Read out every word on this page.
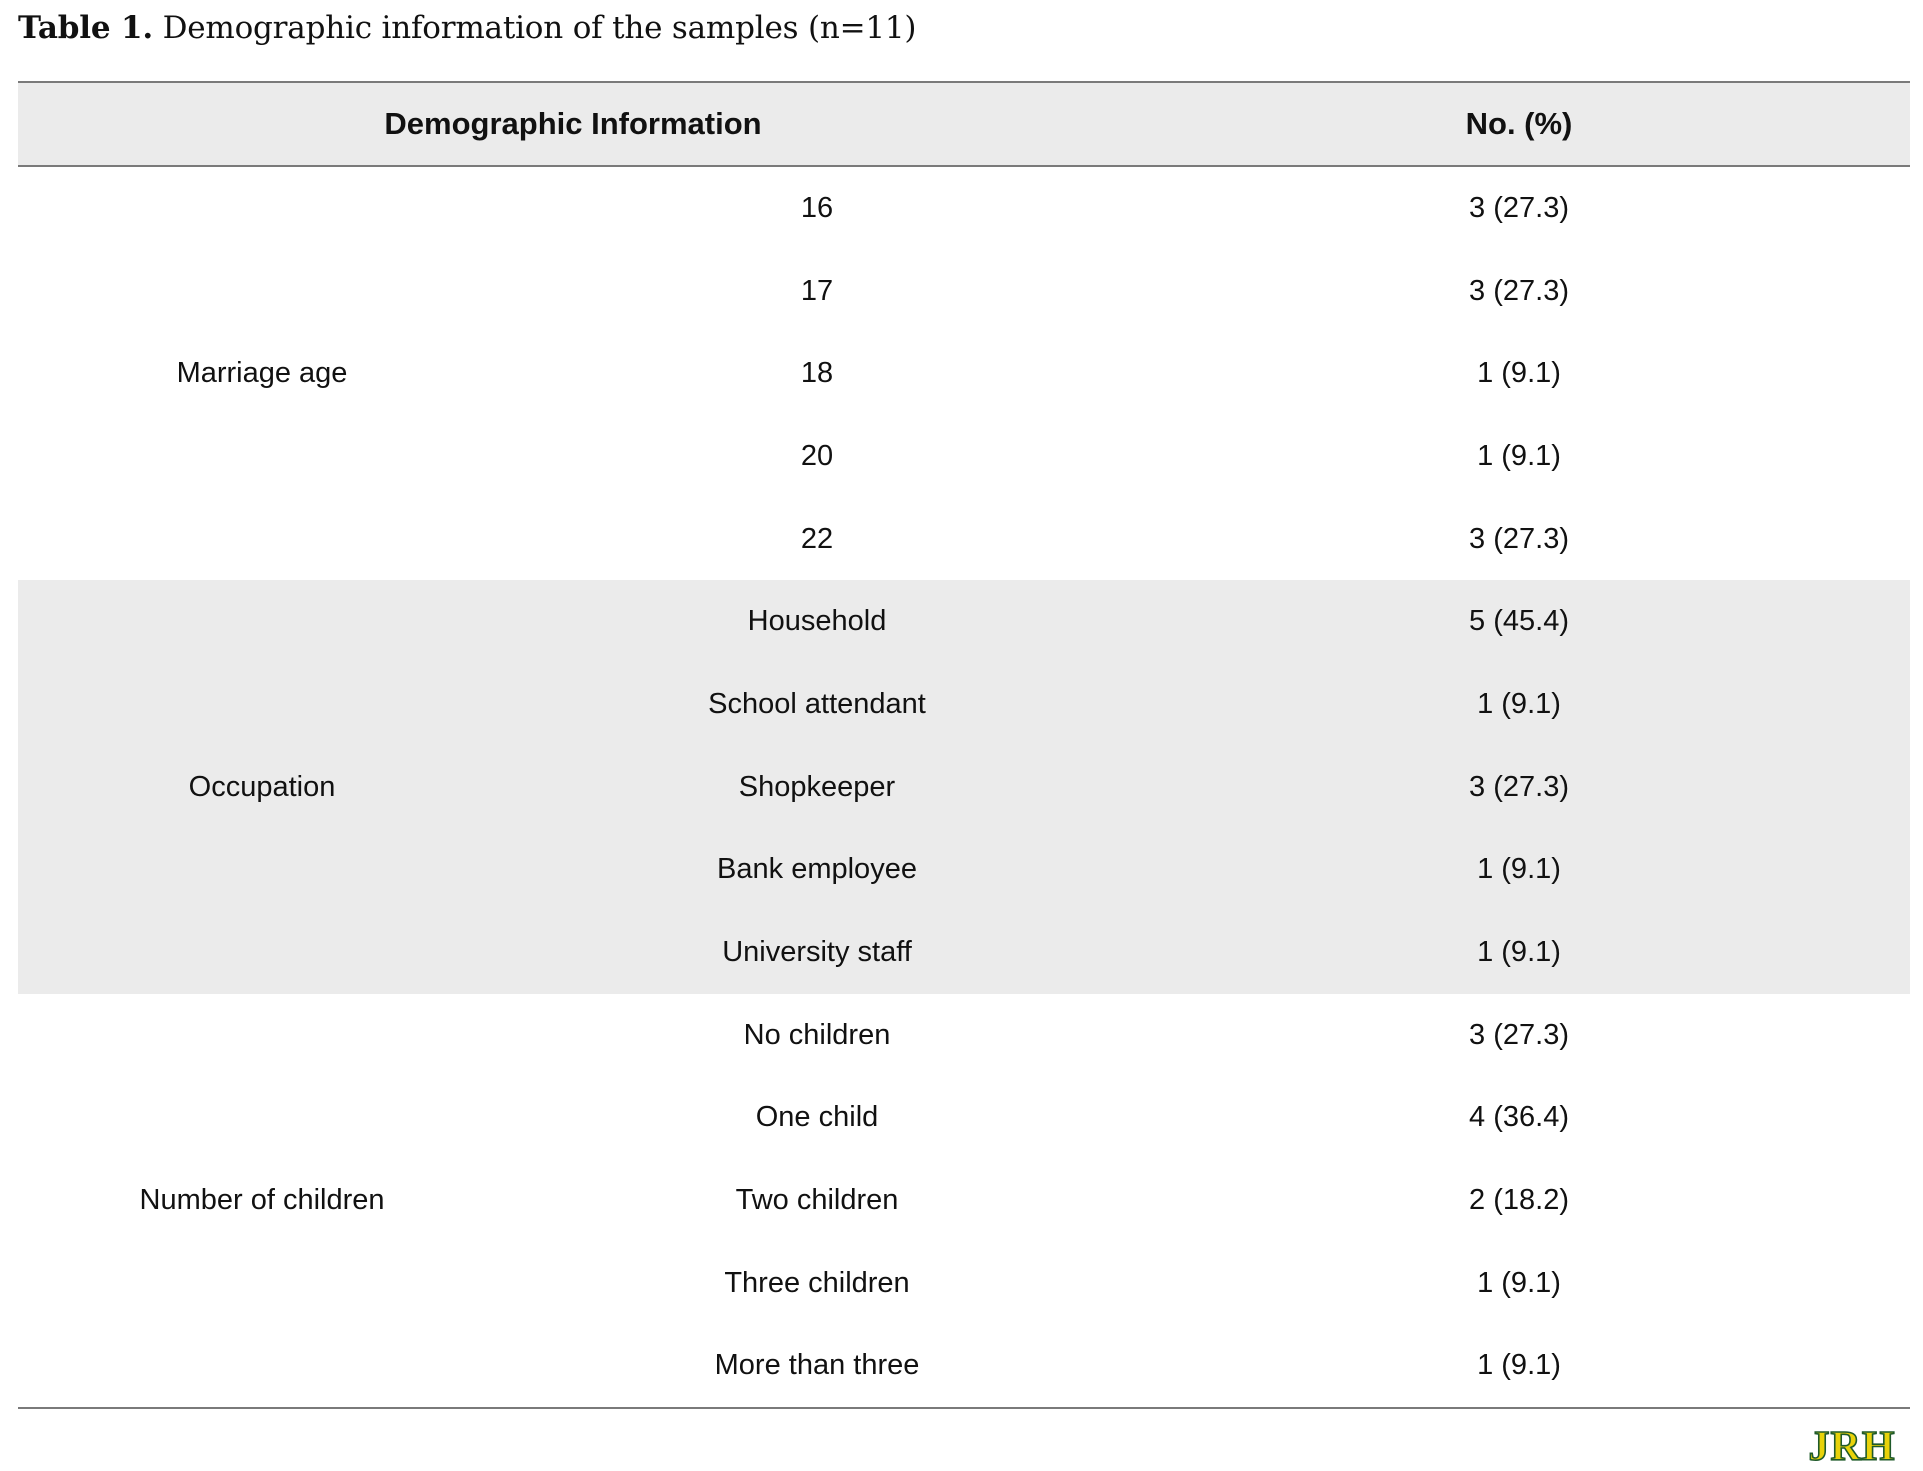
Table 1. Demographic information of the samples (n=11)
Demographic Information		No. (%)
Marriage age	16	3 (27.3)
	17	3 (27.3)
	18	1 (9.1)
	20	1 (9.1)
	22	3 (27.3)
Occupation	Household	5 (45.4)
	School attendant	1 (9.1)
	Shopkeeper	3 (27.3)
	Bank employee	1 (9.1)
	University staff	1 (9.1)
Number of children	No children	3 (27.3)
	One child	4 (36.4)
	Two children	2 (18.2)
	Three children	1 (9.1)
	More than three	1 (9.1)
JRH
